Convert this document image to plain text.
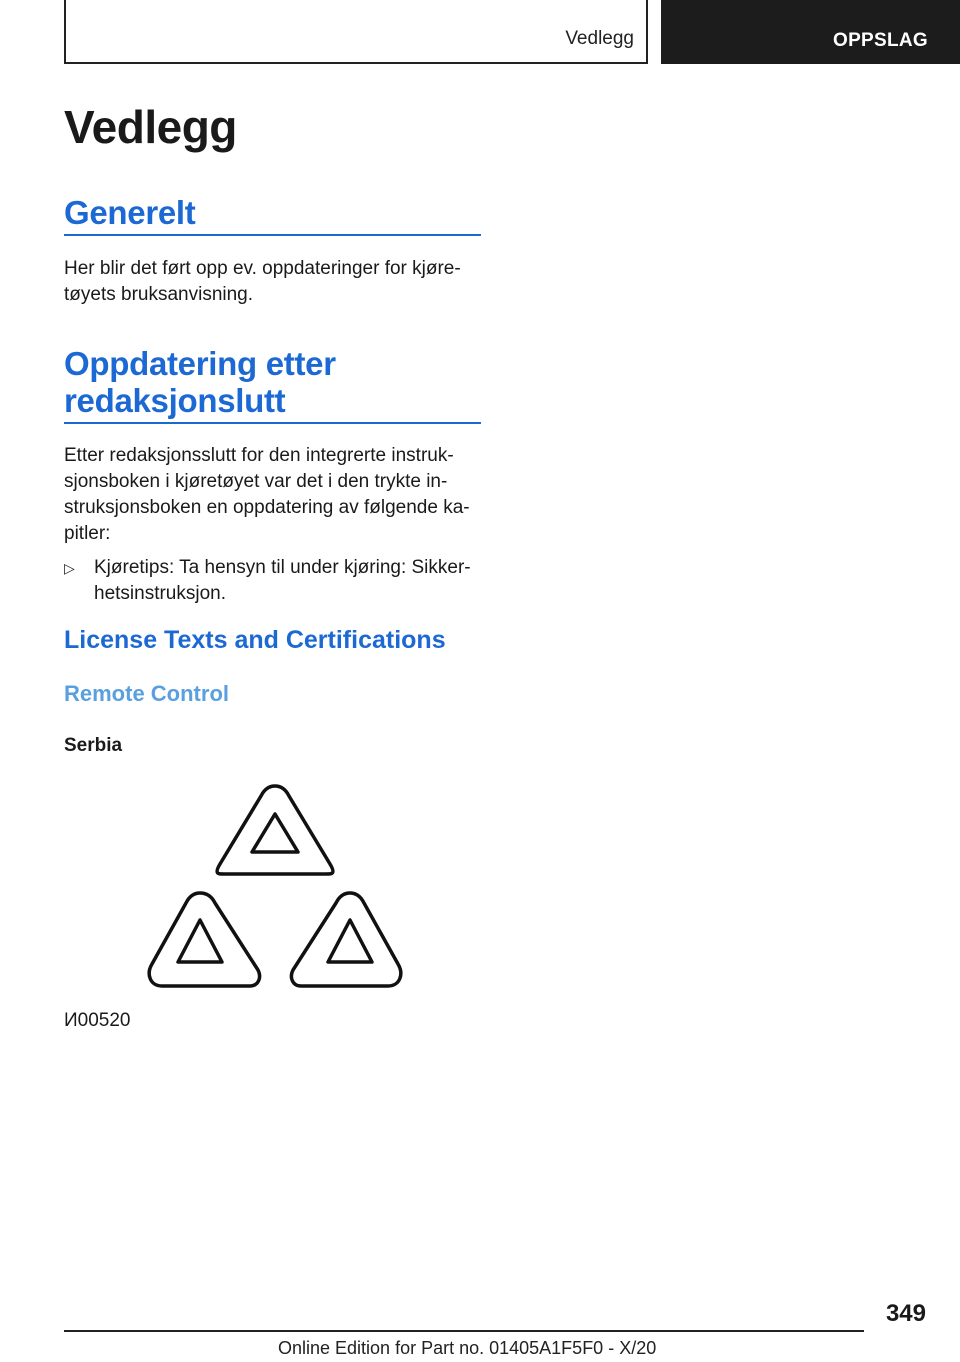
Vedlegg	OPPSLAG
Vedlegg
Generelt

Her blir det ført opp ev. oppdateringer for kjøretøyets bruksanvisning.

Oppdatering etter
redaksjonslutt

Etter redaksjonsslutt for den integrerte instruksjonsboken i kjøretøyet var det i den trykte instruksjonsboken en oppdatering av følgende kapitler:

▷ Kjøretips: Ta hensyn til under kjøring: Sikkerhetsinstruksjon.

License Texts and Certifications
Remote Control
Serbia

И00520

349
Online Edition for Part no. 01405A1F5F0 - X/20
